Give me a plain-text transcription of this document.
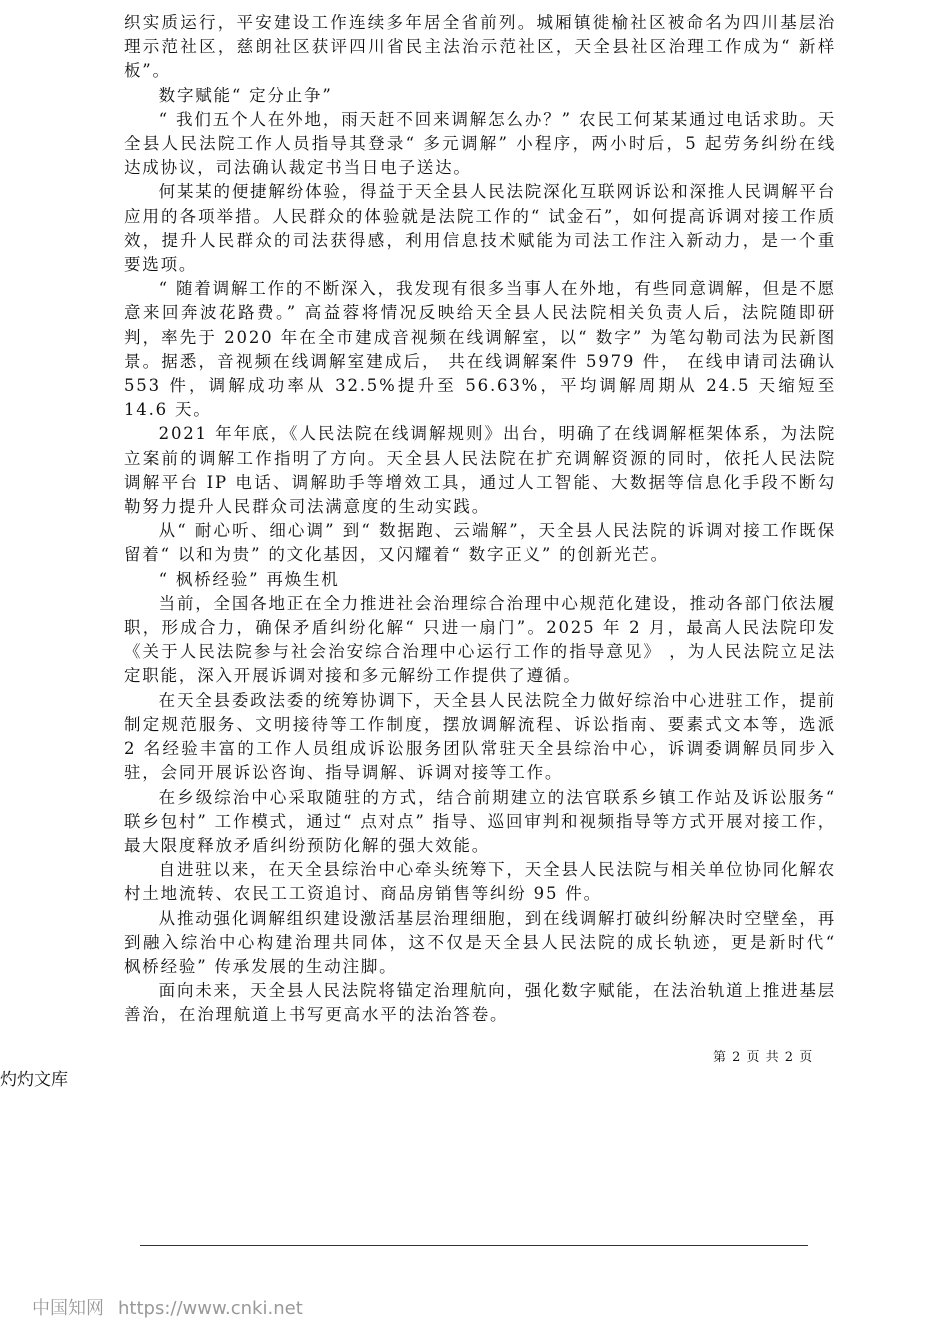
织实质运行，平安建设工作连续多年居全省前列。城厢镇徙榆社区被命名为四川基层治理示范社区，慈朗社区获评四川省民主法治示范社区，天全县社区治理工作成为“ 新样板”。

数字赋能“ 定分止争”

“ 我们五个人在外地，雨天赶不回来调解怎么办？” 农民工何某某通过电话求助。天全县人民法院工作人员指导其登录“ 多元调解” 小程序，两小时后，5 起劳务纠纷在线达成协议，司法确认裁定书当日电子送达。

何某某的便捷解纷体验，得益于天全县人民法院深化互联网诉讼和深推人民调解平台应用的各项举措。人民群众的体验就是法院工作的“ 试金石”，如何提高诉调对接工作质效，提升人民群众的司法获得感，利用信息技术赋能为司法工作注入新动力，是一个重要选项。

“ 随着调解工作的不断深入，我发现有很多当事人在外地，有些同意调解，但是不愿意来回奔波花路费。” 高益蓉将情况反映给天全县人民法院相关负责人后，法院随即研判，率先于 2020 年在全市建成音视频在线调解室，以“ 数字” 为笔勾勒司法为民新图景。据悉，音视频在线调解室建成后， 共在线调解案件 5979 件， 在线申请司法确认 553 件，调解成功率从 32.5%提升至 56.63%，平均调解周期从 24.5 天缩短至 14.6 天。

2021 年年底，《人民法院在线调解规则》出台，明确了在线调解框架体系，为法院立案前的调解工作指明了方向。天全县人民法院在扩充调解资源的同时，依托人民法院调解平台 IP 电话、调解助手等增效工具，通过人工智能、大数据等信息化手段不断勾勒努力提升人民群众司法满意度的生动实践。

从“ 耐心听、细心调” 到“ 数据跑、云端解”，天全县人民法院的诉调对接工作既保留着“ 以和为贵” 的文化基因，又闪耀着“ 数字正义” 的创新光芒。

“ 枫桥经验” 再焕生机

当前，全国各地正在全力推进社会治理综合治理中心规范化建设，推动各部门依法履职，形成合力，确保矛盾纠纷化解“ 只进一扇门”。2025 年 2 月，最高人民法院印发《关于人民法院参与社会治安综合治理中心运行工作的指导意见》 ，为人民法院立足法定职能，深入开展诉调对接和多元解纷工作提供了遵循。

在天全县委政法委的统筹协调下，天全县人民法院全力做好综治中心进驻工作，提前制定规范服务、文明接待等工作制度，摆放调解流程、诉讼指南、要素式文本等，选派 2 名经验丰富的工作人员组成诉讼服务团队常驻天全县综治中心，诉调委调解员同步入驻，会同开展诉讼咨询、指导调解、诉调对接等工作。

在乡级综治中心采取随驻的方式，结合前期建立的法官联系乡镇工作站及诉讼服务“ 联乡包村” 工作模式，通过“ 点对点” 指导、巡回审判和视频指导等方式开展对接工作，最大限度释放矛盾纠纷预防化解的强大效能。

自进驻以来，在天全县综治中心牵头统筹下，天全县人民法院与相关单位协同化解农村土地流转、农民工工资追讨、商品房销售等纠纷 95 件。

从推动强化调解组织建设激活基层治理细胞，到在线调解打破纠纷解决时空壁垒，再到融入综治中心构建治理共同体，这不仅是天全县人民法院的成长轨迹，更是新时代“ 枫桥经验” 传承发展的生动注脚。

面向未来，天全县人民法院将锚定治理航向，强化数字赋能，在法治轨道上推进基层善治，在治理航道上书写更高水平的法治答卷。

第 2 页 共 2 页
灼灼文库
中国知网 https://www.cnki.net
